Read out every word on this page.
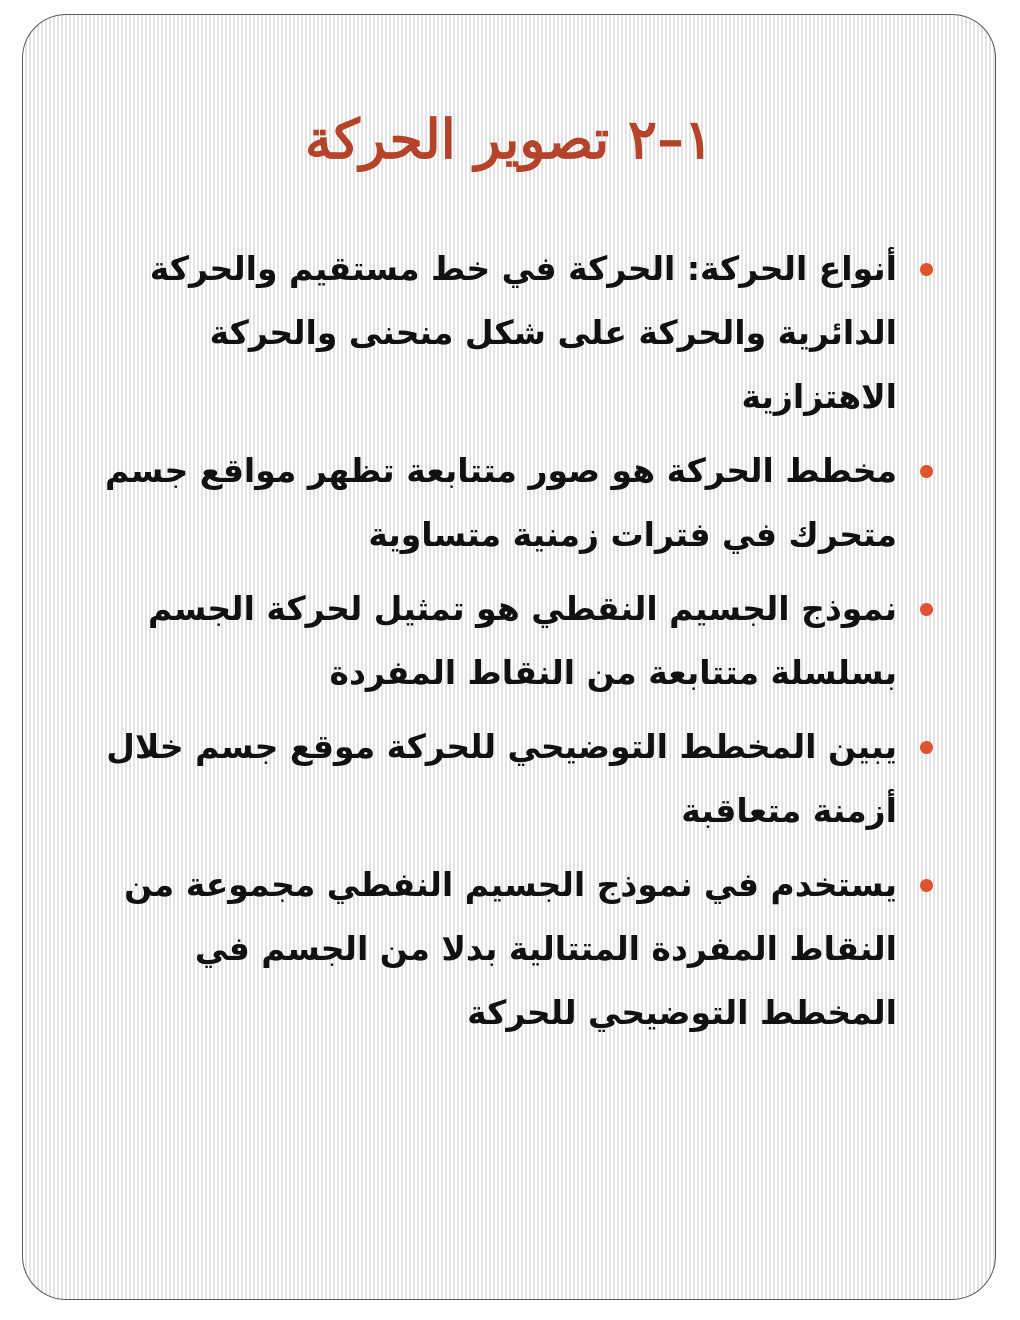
١–٢ تصوير الحركة
أنواع الحركة: الحركة في خط مستقيم والحركة الدائرية والحركة على شكل منحنى والحركة الاهتزازية
مخطط الحركة هو صور متتابعة تظهر مواقع جسم متحرك في فترات زمنية متساوية
نموذج الجسيم النقطي هو تمثيل لحركة الجسم بسلسلة متتابعة من النقاط المفردة
يبين المخطط التوضيحي للحركة موقع جسم خلال أزمنة متعاقبة
يستخدم في نموذج الجسيم النفطي مجموعة من النقاط المفردة المتتالية بدلا من الجسم في المخطط التوضيحي للحركة
